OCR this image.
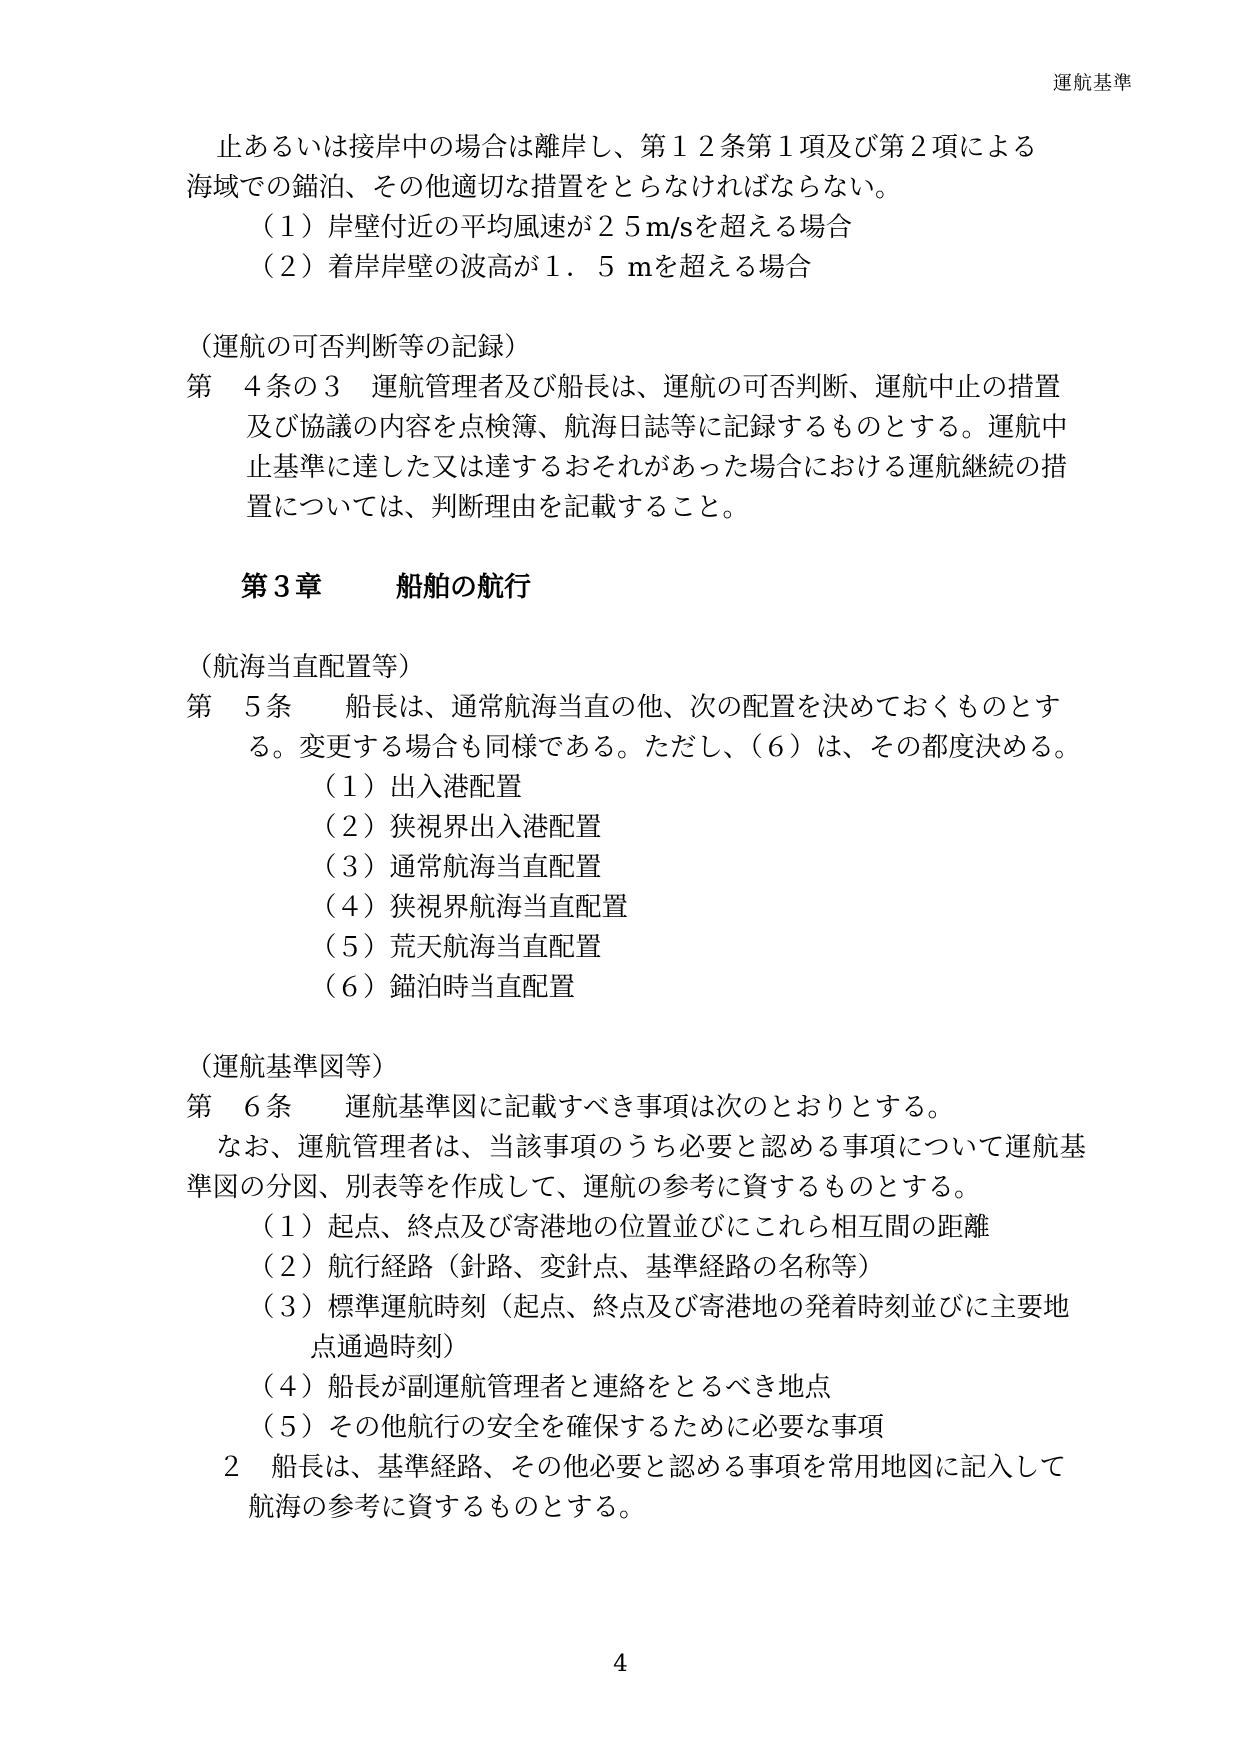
運航基準

止あるいは接岸中の場合は離岸し、第１２条第１項及び第２項による

海域での錨泊、その他適切な措置をとらなければならない。

（１）岸壁付近の平均風速が２５m/sを超える場合

（２）着岸岸壁の波高が１．５ mを超える場合

（運航の可否判断等の記録）

第　４条の３　運航管理者及び船長は、運航の可否判断、運航中止の措置及び協議の内容を点検簿、航海日誌等に記録するものとする。運航中止基準に達した又は達するおそれがあった場合における運航継続の措置については、判断理由を記載すること。

第３章	船舶の航行

（航海当直配置等）

第　５条　　船長は、通常航海当直の他、次の配置を決めておくものとする。変更する場合も同様である。ただし、（６）は、その都度決める。

（１）出入港配置

（２）狭視界出入港配置

（３）通常航海当直配置

（４）狭視界航海当直配置

（５）荒天航海当直配置

（６）錨泊時当直配置

（運航基準図等）

第　６条　　運航基準図に記載すべき事項は次のとおりとする。

なお、運航管理者は、当該事項のうち必要と認める事項について運航基準図の分図、別表等を作成して、運航の参考に資するものとする。

（１）起点、終点及び寄港地の位置並びにこれら相互間の距離

（２）航行経路（針路、変針点、基準経路の名称等）

（３）標準運航時刻（起点、終点及び寄港地の発着時刻並びに主要地点通過時刻）

（４）船長が副運航管理者と連絡をとるべき地点

（５）その他航行の安全を確保するために必要な事項

２　船長は、基準経路、その他必要と認める事項を常用地図に記入して航海の参考に資するものとする。

4
